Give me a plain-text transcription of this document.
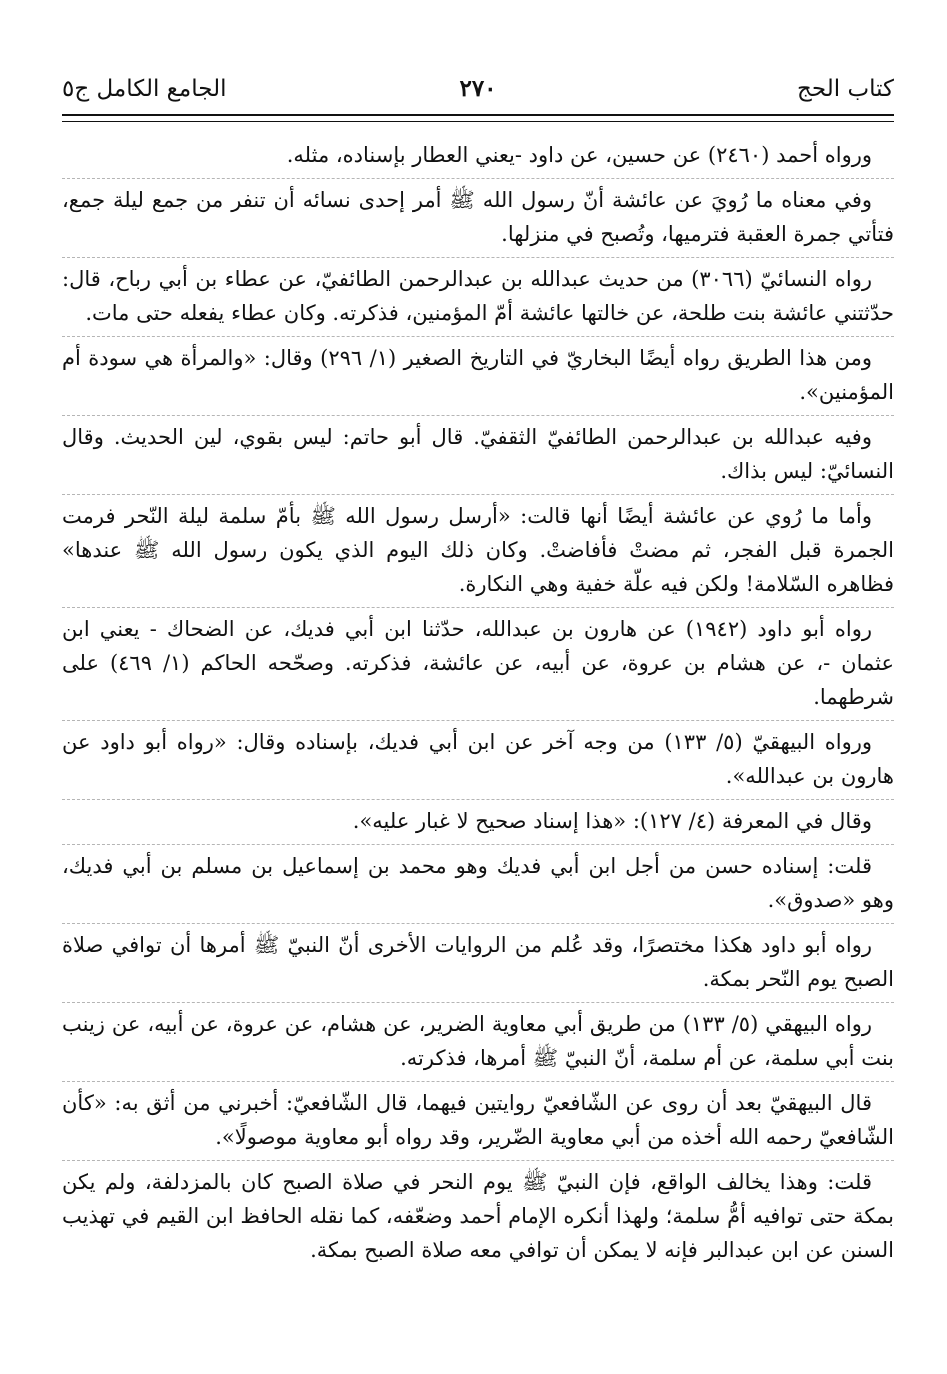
كتاب الحج
٢٧٠
الجامع الكامل ج٥

ورواه أحمد (٢٤٦٠) عن حسين، عن داود -يعني العطار بإسناده، مثله.

وفي معناه ما رُويَ عن عائشة أنّ رسول الله ﷺ أمر إحدى نسائه أن تنفر من جمع ليلة جمع، فتأتي جمرة العقبة فترميها، وتُصبح في منزلها.

رواه النسائيّ (٣٠٦٦) من حديث عبدالله بن عبدالرحمن الطائفيّ، عن عطاء بن أبي رباح، قال: حدّثتني عائشة بنت طلحة، عن خالتها عائشة أمّ المؤمنين، فذكرته. وكان عطاء يفعله حتى مات.

ومن هذا الطريق رواه أيضًا البخاريّ في التاريخ الصغير (١/ ٢٩٦) وقال: «والمرأة هي سودة أم المؤمنين».

وفيه عبدالله بن عبدالرحمن الطائفيّ الثقفيّ. قال أبو حاتم: ليس بقوي، لين الحديث. وقال النسائيّ: ليس بذاك.

وأما ما رُوي عن عائشة أيضًا أنها قالت: «أرسل رسول الله ﷺ بأمّ سلمة ليلة النّحر فرمت الجمرة قبل الفجر، ثم مضتْ فأفاضتْ. وكان ذلك اليوم الذي يكون رسول الله ﷺ عندها» فظاهره السّلامة! ولكن فيه علّة خفية وهي النكارة.

رواه أبو داود (١٩٤٢) عن هارون بن عبدالله، حدّثنا ابن أبي فديك، عن الضحاك - يعني ابن عثمان -، عن هشام بن عروة، عن أبيه، عن عائشة، فذكرته. وصحّحه الحاكم (١/ ٤٦٩) على شرطهما.

ورواه البيهقيّ (٥/ ١٣٣) من وجه آخر عن ابن أبي فديك، بإسناده وقال: «رواه أبو داود عن هارون بن عبدالله».

وقال في المعرفة (٤/ ١٢٧): «هذا إسناد صحيح لا غبار عليه».

قلت: إسناده حسن من أجل ابن أبي فديك وهو محمد بن إسماعيل بن مسلم بن أبي فديك، وهو «صدوق».

رواه أبو داود هكذا مختصرًا، وقد عُلم من الروايات الأخرى أنّ النبيّ ﷺ أمرها أن توافي صلاة الصبح يوم النّحر بمكة.

رواه البيهقي (٥/ ١٣٣) من طريق أبي معاوية الضرير، عن هشام، عن عروة، عن أبيه، عن زينب بنت أبي سلمة، عن أم سلمة، أنّ النبيّ ﷺ أمرها، فذكرته.

قال البيهقيّ بعد أن روى عن الشّافعيّ روايتين فيهما، قال الشّافعيّ: أخبرني من أثق به: «كأن الشّافعيّ رحمه الله أخذه من أبي معاوية الضّرير، وقد رواه أبو معاوية موصولًا».

قلت: وهذا يخالف الواقع، فإن النبيّ ﷺ يوم النحر في صلاة الصبح كان بالمزدلفة، ولم يكن بمكة حتى توافيه أمُّ سلمة؛ ولهذا أنكره الإمام أحمد وضعّفه، كما نقله الحافظ ابن القيم في تهذيب السنن عن ابن عبدالبر فإنه لا يمكن أن توافي معه صلاة الصبح بمكة.
